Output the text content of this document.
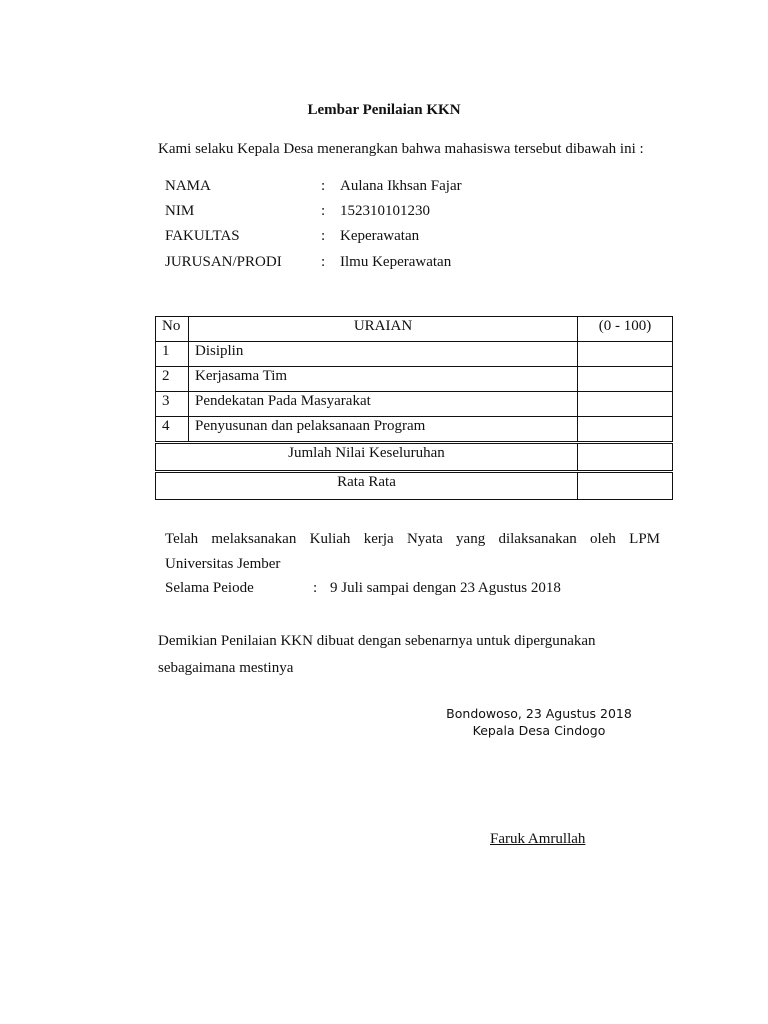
Lembar Penilaian KKN
Kami selaku Kepala Desa menerangkan bahwa mahasiswa tersebut dibawah ini :
NAMA	: Aulana Ikhsan Fajar
NIM	: 152310101230
FAKULTAS	: Keperawatan
JURUSAN/PRODI	: Ilmu Keperawatan
No	URAIAN	(0 - 100)
1	Disiplin	
2	Kerjasama Tim	
3	Pendekatan Pada Masyarakat	
4	Penyusunan dan pelaksanaan Program	
Jumlah Nilai Keseluruhan		
Rata Rata		
Telah melaksanakan Kuliah kerja Nyata yang dilaksanakan oleh LPM
Universitas Jember
Selama Peiode	: 9 Juli sampai dengan 23 Agustus 2018
Demikian Penilaian KKN dibuat dengan sebenarnya untuk dipergunakan sebagaimana mestinya
Bondowoso, 23 Agustus 2018
Kepala Desa Cindogo
Faruk Amrullah
